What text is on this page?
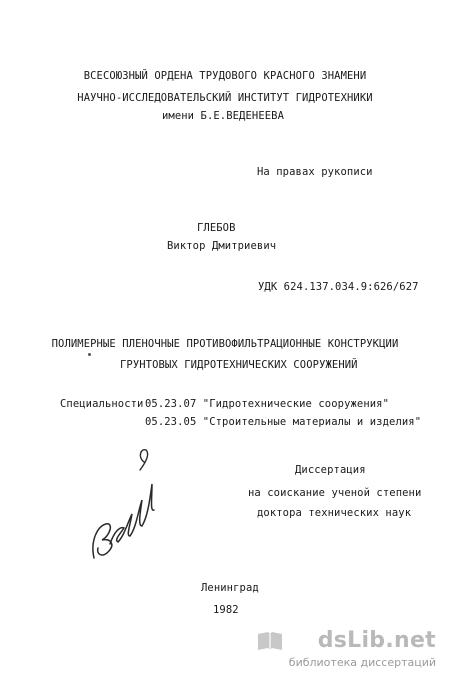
ВСЕСОЮЗНЫЙ ОРДЕНА ТРУДОВОГО КРАСНОГО ЗНАМЕНИ
НАУЧНО-ИССЛЕДОВАТЕЛЬСКИЙ ИНСТИТУТ ГИДРОТЕХНИКИ
имени Б.Е.ВЕДЕНЕЕВА
На правах рукописи
ГЛЕБОВ
Виктор Дмитриевич
УДК 624.137.034.9:626/627
ПОЛИМЕРНЫЕ ПЛЕНОЧНЫЕ ПРОТИВОФИЛЬТРАЦИОННЫЕ КОНСТРУКЦИИ
ГРУНТОВЫХ ГИДРОТЕХНИЧЕСКИХ СООРУЖЕНИЙ
Специальности 05.23.07 "Гидротехнические сооружения"
05.23.05 "Строительные материалы и изделия"
Диссертация
на соискание ученой степени
доктора технических наук
Ленинград
1982
dsLib.net
библиотека диссертаций
